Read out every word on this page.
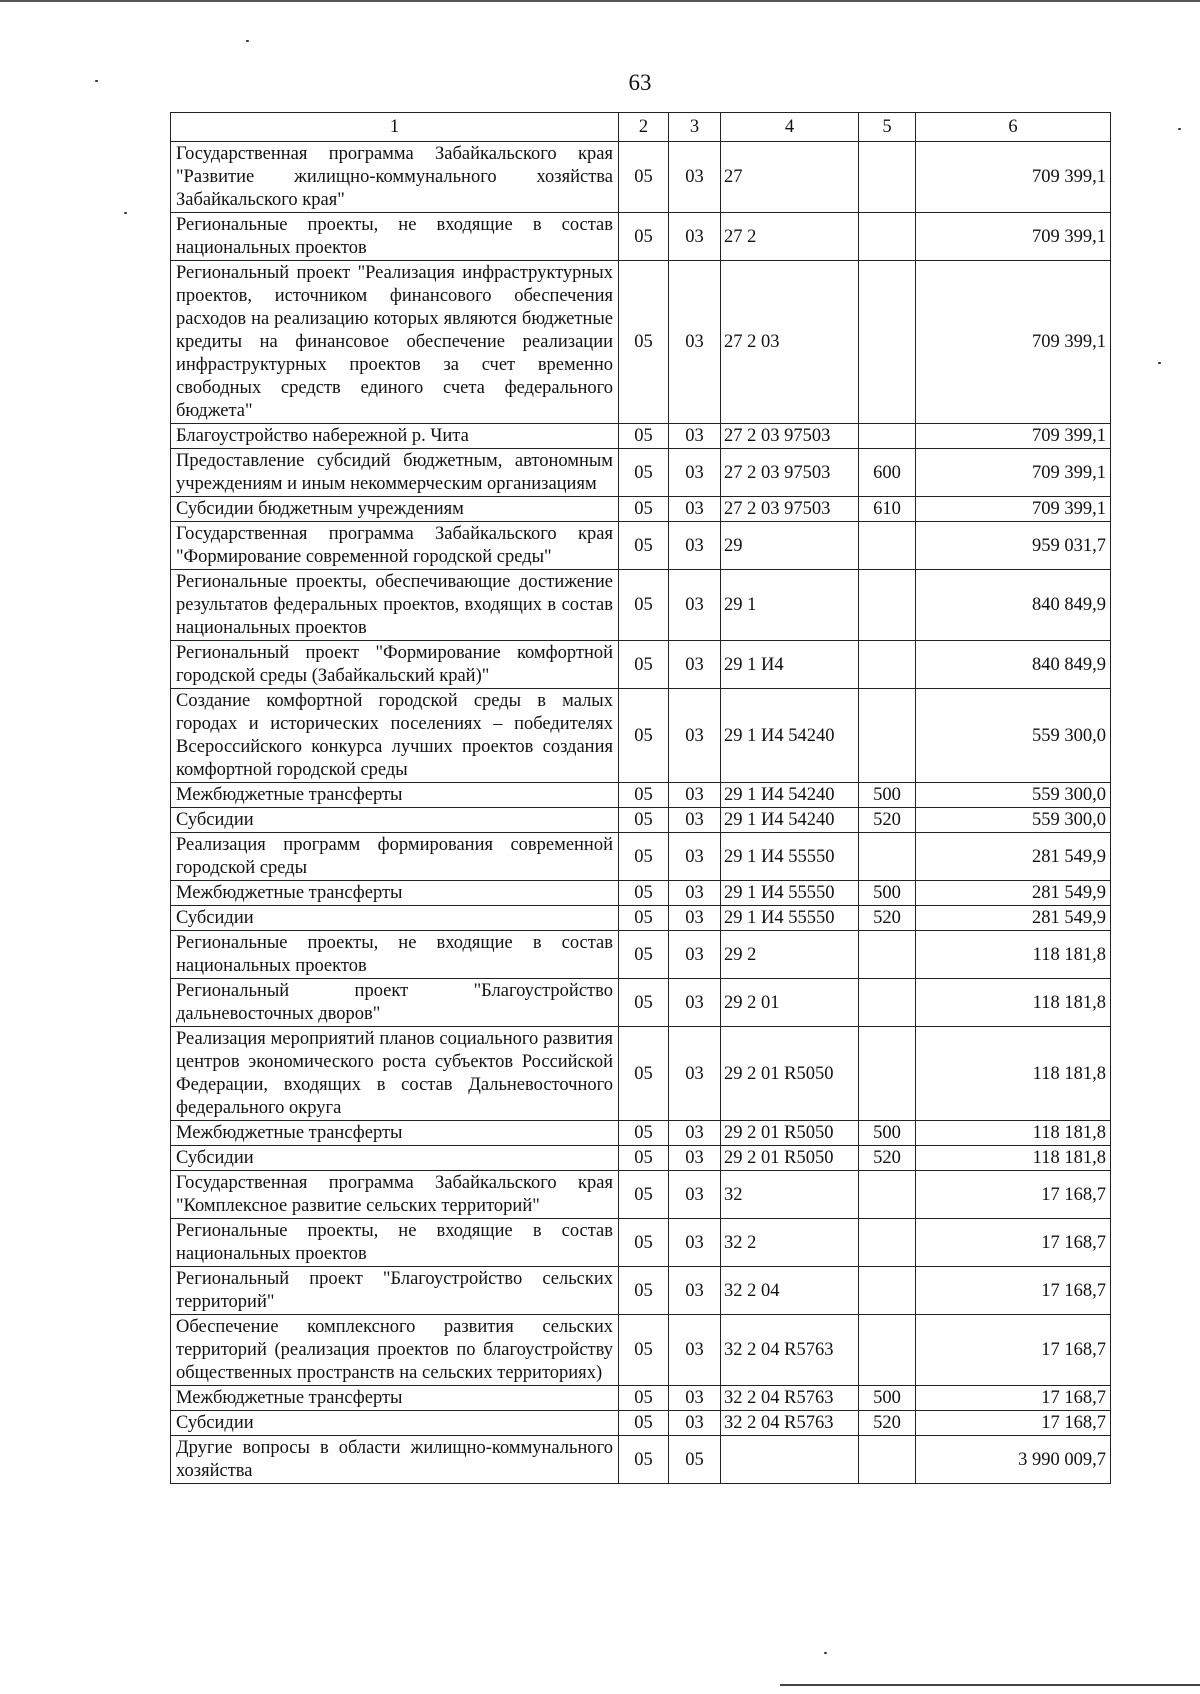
63
1	2	3	4	5	6
Государственная программа Забайкальского края "Развитие жилищно-коммунального хозяйства Забайкальского края"	05	03	27		709 399,1
Региональные проекты, не входящие в состав национальных проектов	05	03	27 2		709 399,1
Региональный проект "Реализация инфраструктурных проектов, источником финансового обеспечения расходов на реализацию которых являются бюджетные кредиты на финансовое обеспечение реализации инфраструктурных проектов за счет временно свободных средств единого счета федерального бюджета"	05	03	27 2 03		709 399,1
Благоустройство набережной р. Чита	05	03	27 2 03 97503		709 399,1
Предоставление субсидий бюджетным, автономным учреждениям и иным некоммерческим организациям	05	03	27 2 03 97503	600	709 399,1
Субсидии бюджетным учреждениям	05	03	27 2 03 97503	610	709 399,1
Государственная программа Забайкальского края "Формирование современной городской среды"	05	03	29		959 031,7
Региональные проекты, обеспечивающие достижение результатов федеральных проектов, входящих в состав национальных проектов	05	03	29 1		840 849,9
Региональный проект "Формирование комфортной городской среды (Забайкальский край)"	05	03	29 1 И4		840 849,9
Создание комфортной городской среды в малых городах и исторических поселениях – победителях Всероссийского конкурса лучших проектов создания комфортной городской среды	05	03	29 1 И4 54240		559 300,0
Межбюджетные трансферты	05	03	29 1 И4 54240	500	559 300,0
Субсидии	05	03	29 1 И4 54240	520	559 300,0
Реализация программ формирования современной городской среды	05	03	29 1 И4 55550		281 549,9
Межбюджетные трансферты	05	03	29 1 И4 55550	500	281 549,9
Субсидии	05	03	29 1 И4 55550	520	281 549,9
Региональные проекты, не входящие в состав национальных проектов	05	03	29 2		118 181,8
Региональный проект "Благоустройство дальневосточных дворов"	05	03	29 2 01		118 181,8
Реализация мероприятий планов социального развития центров экономического роста субъектов Российской Федерации, входящих в состав Дальневосточного федерального округа	05	03	29 2 01 R5050		118 181,8
Межбюджетные трансферты	05	03	29 2 01 R5050	500	118 181,8
Субсидии	05	03	29 2 01 R5050	520	118 181,8
Государственная программа Забайкальского края "Комплексное развитие сельских территорий"	05	03	32		17 168,7
Региональные проекты, не входящие в состав национальных проектов	05	03	32 2		17 168,7
Региональный проект "Благоустройство сельских территорий"	05	03	32 2 04		17 168,7
Обеспечение комплексного развития сельских территорий (реализация проектов по благоустройству общественных пространств на сельских территориях)	05	03	32 2 04 R5763		17 168,7
Межбюджетные трансферты	05	03	32 2 04 R5763	500	17 168,7
Субсидии	05	03	32 2 04 R5763	520	17 168,7
Другие вопросы в области жилищно-коммунального хозяйства	05	05			3 990 009,7
